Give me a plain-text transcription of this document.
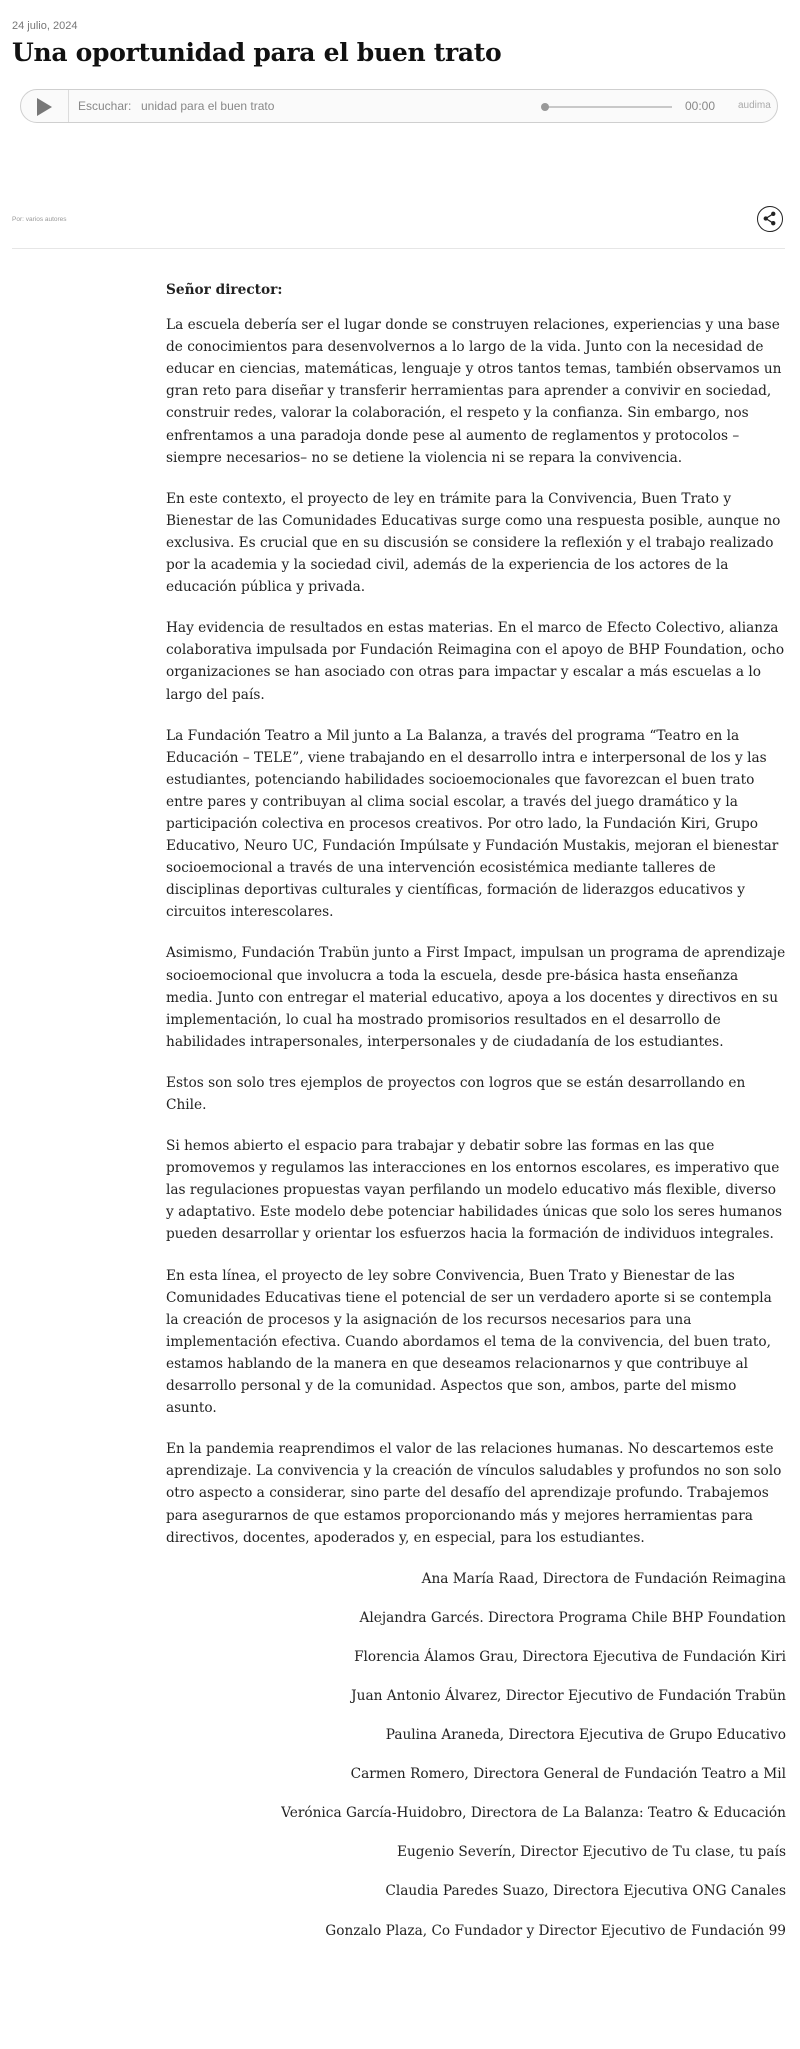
24 julio, 2024
Una oportunidad para el buen trato
Escuchar: unidad para el buen trato	00:00 audima
Por: varios autores

Señor director:

La escuela debería ser el lugar donde se construyen relaciones, experiencias y una base de conocimientos para desenvolvernos a lo largo de la vida. Junto con la necesidad de educar en ciencias, matemáticas, lenguaje y otros tantos temas, también observamos un gran reto para diseñar y transferir herramientas para aprender a convivir en sociedad, construir redes, valorar la colaboración, el respeto y la confianza. Sin embargo, nos enfrentamos a una paradoja donde pese al aumento de reglamentos y protocolos –siempre necesarios– no se detiene la violencia ni se repara la convivencia.

En este contexto, el proyecto de ley en trámite para la Convivencia, Buen Trato y Bienestar de las Comunidades Educativas surge como una respuesta posible, aunque no exclusiva. Es crucial que en su discusión se considere la reflexión y el trabajo realizado por la academia y la sociedad civil, además de la experiencia de los actores de la educación pública y privada.

Hay evidencia de resultados en estas materias. En el marco de Efecto Colectivo, alianza colaborativa impulsada por Fundación Reimagina con el apoyo de BHP Foundation, ocho organizaciones se han asociado con otras para impactar y escalar a más escuelas a lo largo del país.

La Fundación Teatro a Mil junto a La Balanza, a través del programa “Teatro en la Educación – TELE”, viene trabajando en el desarrollo intra e interpersonal de los y las estudiantes, potenciando habilidades socioemocionales que favorezcan el buen trato entre pares y contribuyan al clima social escolar, a través del juego dramático y la participación colectiva en procesos creativos. Por otro lado, la Fundación Kiri, Grupo Educativo, Neuro UC, Fundación Impúlsate y Fundación Mustakis, mejoran el bienestar socioemocional a través de una intervención ecosistémica mediante talleres de disciplinas deportivas culturales y científicas, formación de liderazgos educativos y circuitos interescolares.

Asimismo, Fundación Trabün junto a First Impact, impulsan un programa de aprendizaje socioemocional que involucra a toda la escuela, desde pre-básica hasta enseñanza media. Junto con entregar el material educativo, apoya a los docentes y directivos en su implementación, lo cual ha mostrado promisorios resultados en el desarrollo de habilidades intrapersonales, interpersonales y de ciudadanía de los estudiantes.

Estos son solo tres ejemplos de proyectos con logros que se están desarrollando en Chile.

Si hemos abierto el espacio para trabajar y debatir sobre las formas en las que promovemos y regulamos las interacciones en los entornos escolares, es imperativo que las regulaciones propuestas vayan perfilando un modelo educativo más flexible, diverso y adaptativo. Este modelo debe potenciar habilidades únicas que solo los seres humanos pueden desarrollar y orientar los esfuerzos hacia la formación de individuos integrales.

En esta línea, el proyecto de ley sobre Convivencia, Buen Trato y Bienestar de las Comunidades Educativas tiene el potencial de ser un verdadero aporte si se contempla la creación de procesos y la asignación de los recursos necesarios para una implementación efectiva. Cuando abordamos el tema de la convivencia, del buen trato, estamos hablando de la manera en que deseamos relacionarnos y que contribuye al desarrollo personal y de la comunidad. Aspectos que son, ambos, parte del mismo asunto.

En la pandemia reaprendimos el valor de las relaciones humanas. No descartemos este aprendizaje. La convivencia y la creación de vínculos saludables y profundos no son solo otro aspecto a considerar, sino parte del desafío del aprendizaje profundo. Trabajemos para asegurarnos de que estamos proporcionando más y mejores herramientas para directivos, docentes, apoderados y, en especial, para los estudiantes.

Ana María Raad, Directora de Fundación Reimagina

Alejandra Garcés. Directora Programa Chile BHP Foundation

Florencia Álamos Grau, Directora Ejecutiva de Fundación Kiri

Juan Antonio Álvarez, Director Ejecutivo de Fundación Trabün

Paulina Araneda, Directora Ejecutiva de Grupo Educativo

Carmen Romero, Directora General de Fundación Teatro a Mil

Verónica García-Huidobro, Directora de La Balanza: Teatro & Educación

Eugenio Severín, Director Ejecutivo de Tu clase, tu país

Claudia Paredes Suazo, Directora Ejecutiva ONG Canales

Gonzalo Plaza, Co Fundador y Director Ejecutivo de Fundación 99
